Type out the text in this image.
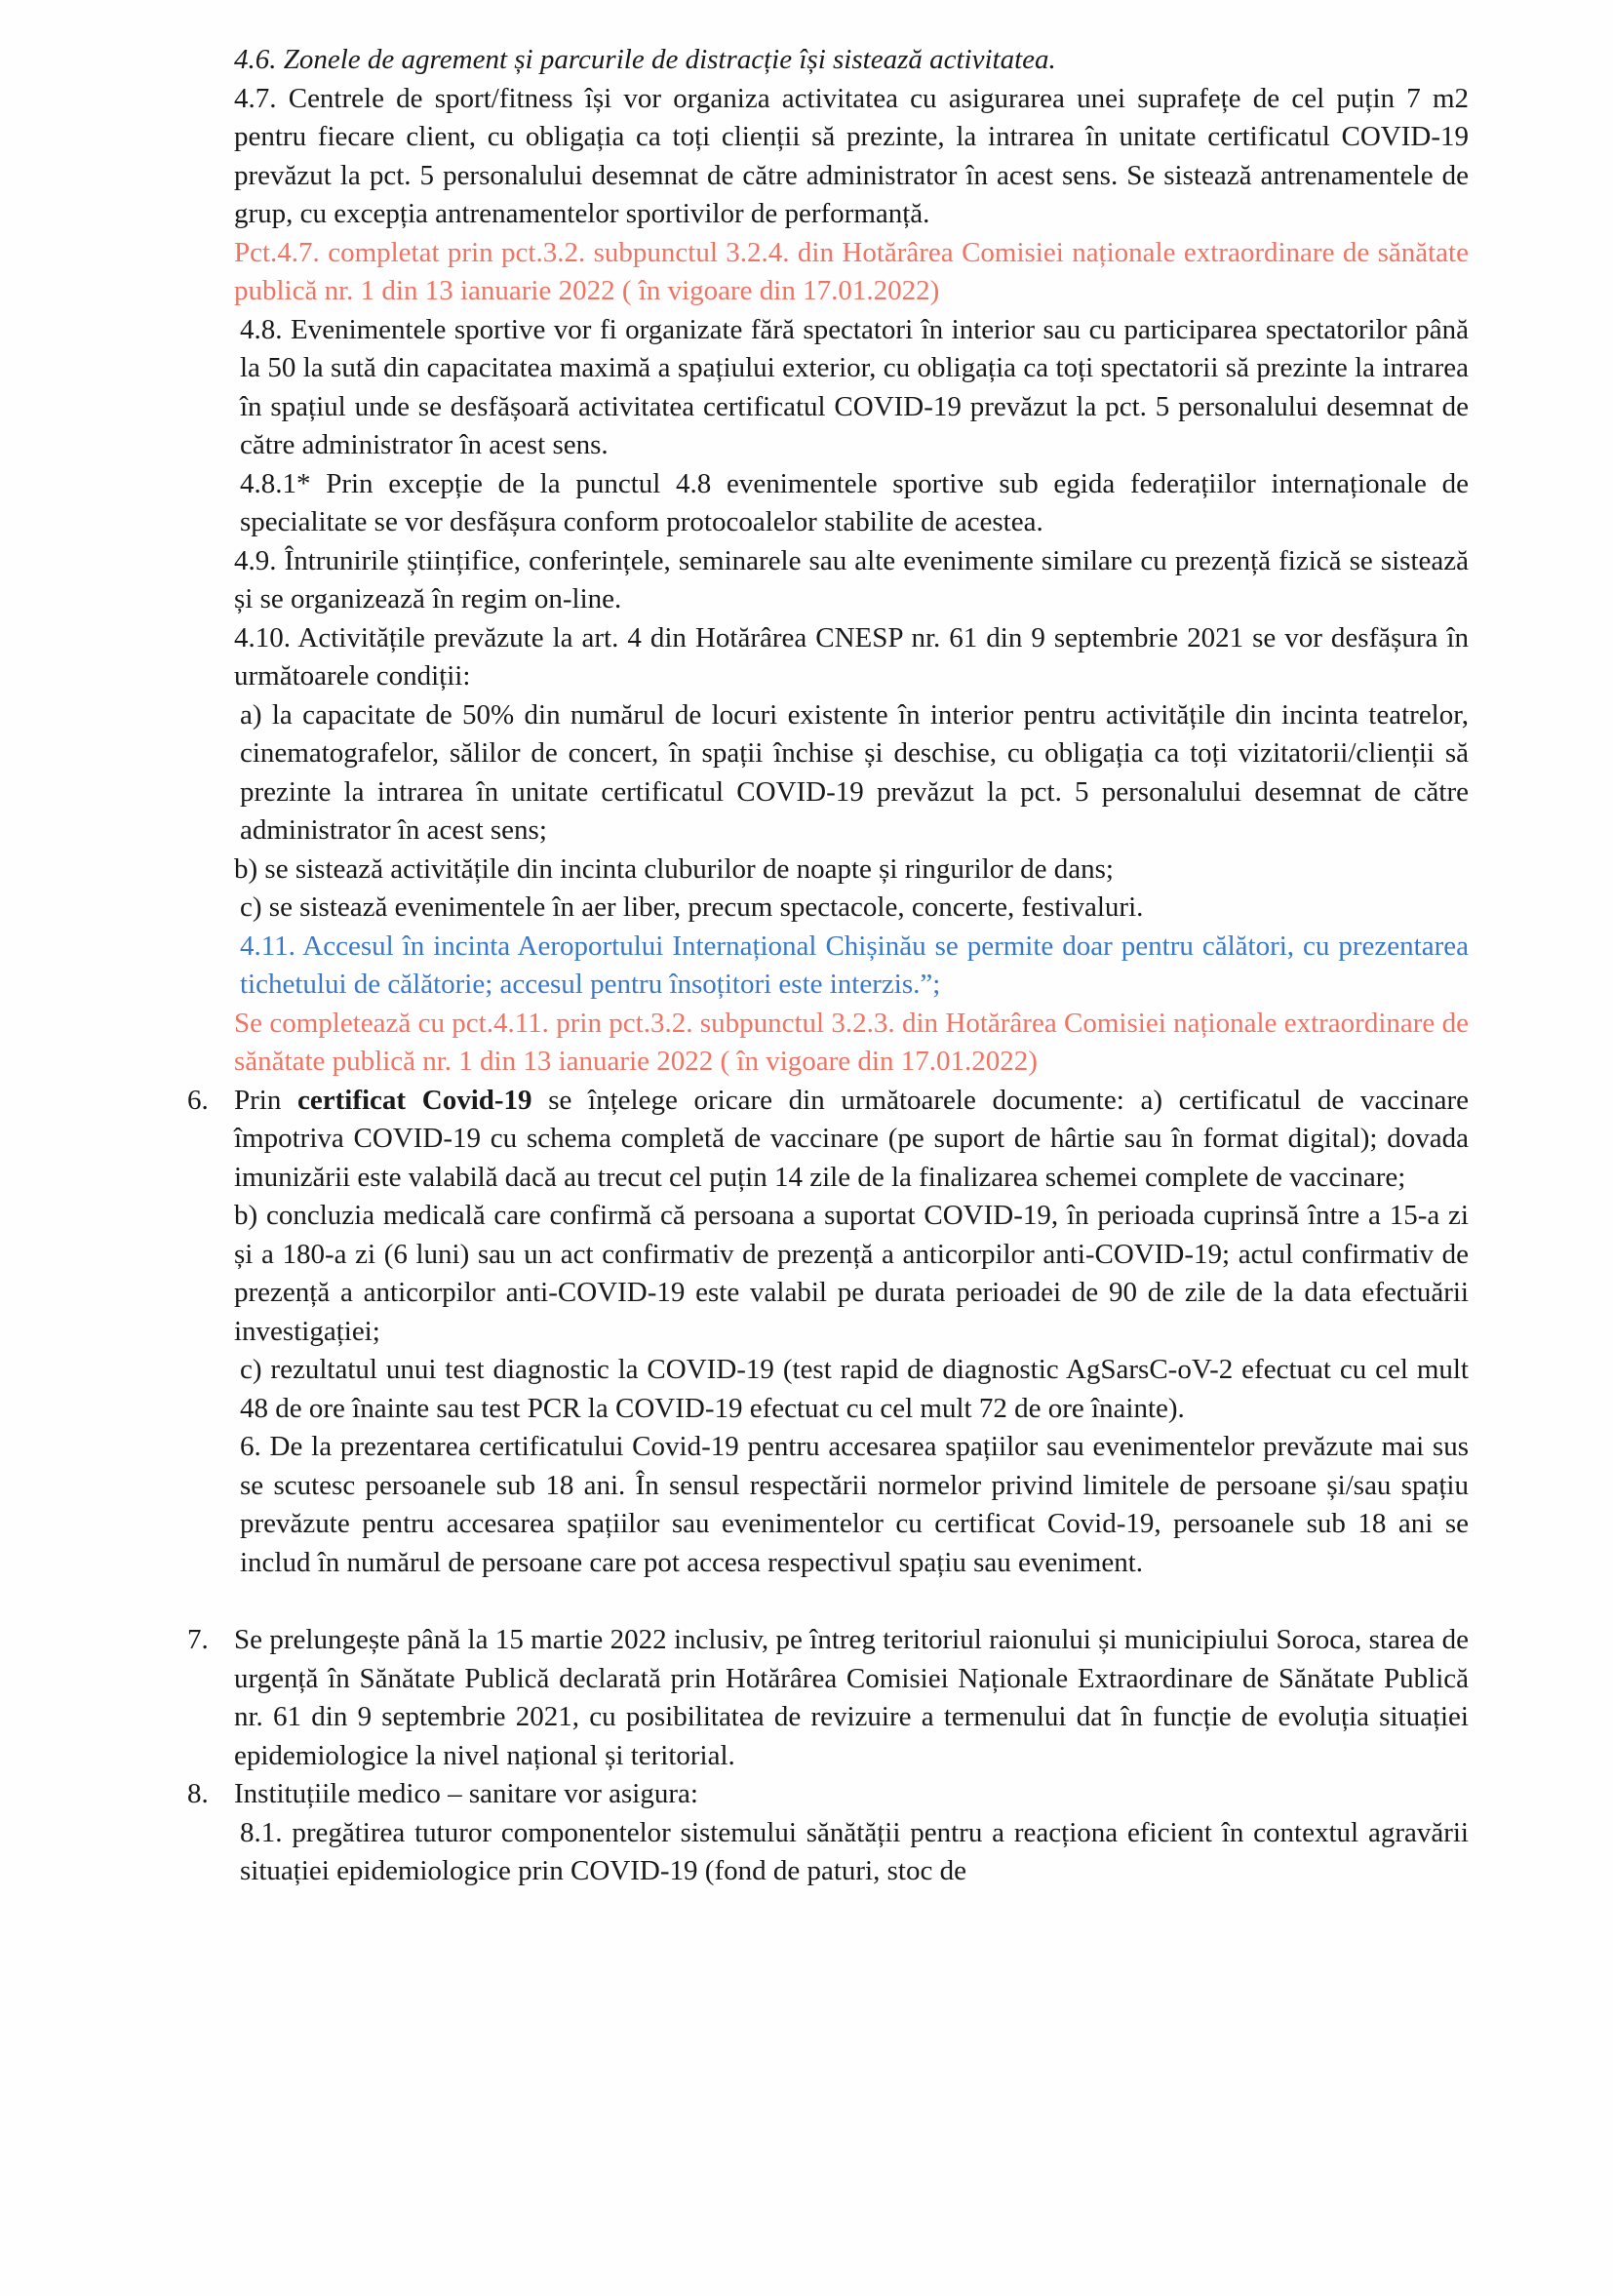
4.6. Zonele de agrement și parcurile de distracție își sistează activitatea.

4.7. Centrele de sport/fitness își vor organiza activitatea cu asigurarea unei suprafețe de cel puțin 7 m2 pentru fiecare client, cu obligația ca toți clienții să prezinte, la intrarea în unitate certificatul COVID-19 prevăzut la pct. 5 personalului desemnat de către administrator în acest sens. Se sistează antrenamentele de grup, cu excepția antrenamentelor sportivilor de performanță.

Pct.4.7. completat prin pct.3.2. subpunctul 3.2.4. din Hotărârea Comisiei naționale extraordinare de sănătate publică nr. 1 din 13 ianuarie 2022 ( în vigoare din 17.01.2022)

4.8. Evenimentele sportive vor fi organizate fără spectatori în interior sau cu participarea spectatorilor până la 50 la sută din capacitatea maximă a spațiului exterior, cu obligația ca toți spectatorii să prezinte la intrarea în spațiul unde se desfășoară activitatea certificatul COVID-19 prevăzut la pct. 5 personalului desemnat de către administrator în acest sens.

4.8.1* Prin excepție de la punctul 4.8 evenimentele sportive sub egida federațiilor internaționale de specialitate se vor desfășura conform protocoalelor stabilite de acestea.

4.9. Întrunirile științifice, conferințele, seminarele sau alte evenimente similare cu prezență fizică se sistează și se organizează în regim on-line.

4.10. Activitățile prevăzute la art. 4 din Hotărârea CNESP nr. 61 din 9 septembrie 2021 se vor desfășura în următoarele condiții:

a) la capacitate de 50% din numărul de locuri existente în interior pentru activitățile din incinta teatrelor, cinematografelor, sălilor de concert, în spații închise și deschise, cu obligația ca toți vizitatorii/clienții să prezinte la intrarea în unitate certificatul COVID-19 prevăzut la pct. 5 personalului desemnat de către administrator în acest sens;

b) se sistează activitățile din incinta cluburilor de noapte și ringurilor de dans;

c) se sistează evenimentele în aer liber, precum spectacole, concerte, festivaluri.

4.11. Accesul în incinta Aeroportului Internațional Chișinău se permite doar pentru călători, cu prezentarea tichetului de călătorie; accesul pentru însoțitori este interzis.”;

Se completează cu pct.4.11. prin pct.3.2. subpunctul 3.2.3. din Hotărârea Comisiei naționale extraordinare de sănătate publică nr. 1 din 13 ianuarie 2022 ( în vigoare din 17.01.2022)

6. Prin certificat Covid-19 se înțelege oricare din următoarele documente: a) certificatul de vaccinare împotriva COVID-19 cu schema completă de vaccinare (pe suport de hârtie sau în format digital); dovada imunizării este valabilă dacă au trecut cel puțin 14 zile de la finalizarea schemei complete de vaccinare;

b) concluzia medicală care confirmă că persoana a suportat COVID-19, în perioada cuprinsă între a 15-a zi și a 180-a zi (6 luni) sau un act confirmativ de prezență a anticorpilor anti-COVID-19; actul confirmativ de prezență a anticorpilor anti-COVID-19 este valabil pe durata perioadei de 90 de zile de la data efectuării investigației;

c) rezultatul unui test diagnostic la COVID-19 (test rapid de diagnostic AgSarsC-oV-2 efectuat cu cel mult 48 de ore înainte sau test PCR la COVID-19 efectuat cu cel mult 72 de ore înainte).

6. De la prezentarea certificatului Covid-19 pentru accesarea spațiilor sau evenimentelor prevăzute mai sus se scutesc persoanele sub 18 ani. În sensul respectării normelor privind limitele de persoane și/sau spațiu prevăzute pentru accesarea spațiilor sau evenimentelor cu certificat Covid-19, persoanele sub 18 ani se includ în numărul de persoane care pot accesa respectivul spațiu sau eveniment.

7. Se prelungește până la 15 martie 2022 inclusiv, pe întreg teritoriul raionului și municipiului Soroca, starea de urgență în Sănătate Publică declarată prin Hotărârea Comisiei Naționale Extraordinare de Sănătate Publică nr. 61 din 9 septembrie 2021, cu posibilitatea de revizuire a termenului dat în funcție de evoluția situației epidemiologice la nivel național și teritorial.

8. Instituțiile medico – sanitare vor asigura:

8.1. pregătirea tuturor componentelor sistemului sănătății pentru a reacționa eficient în contextul agravării situației epidemiologice prin COVID-19 (fond de paturi, stoc de
